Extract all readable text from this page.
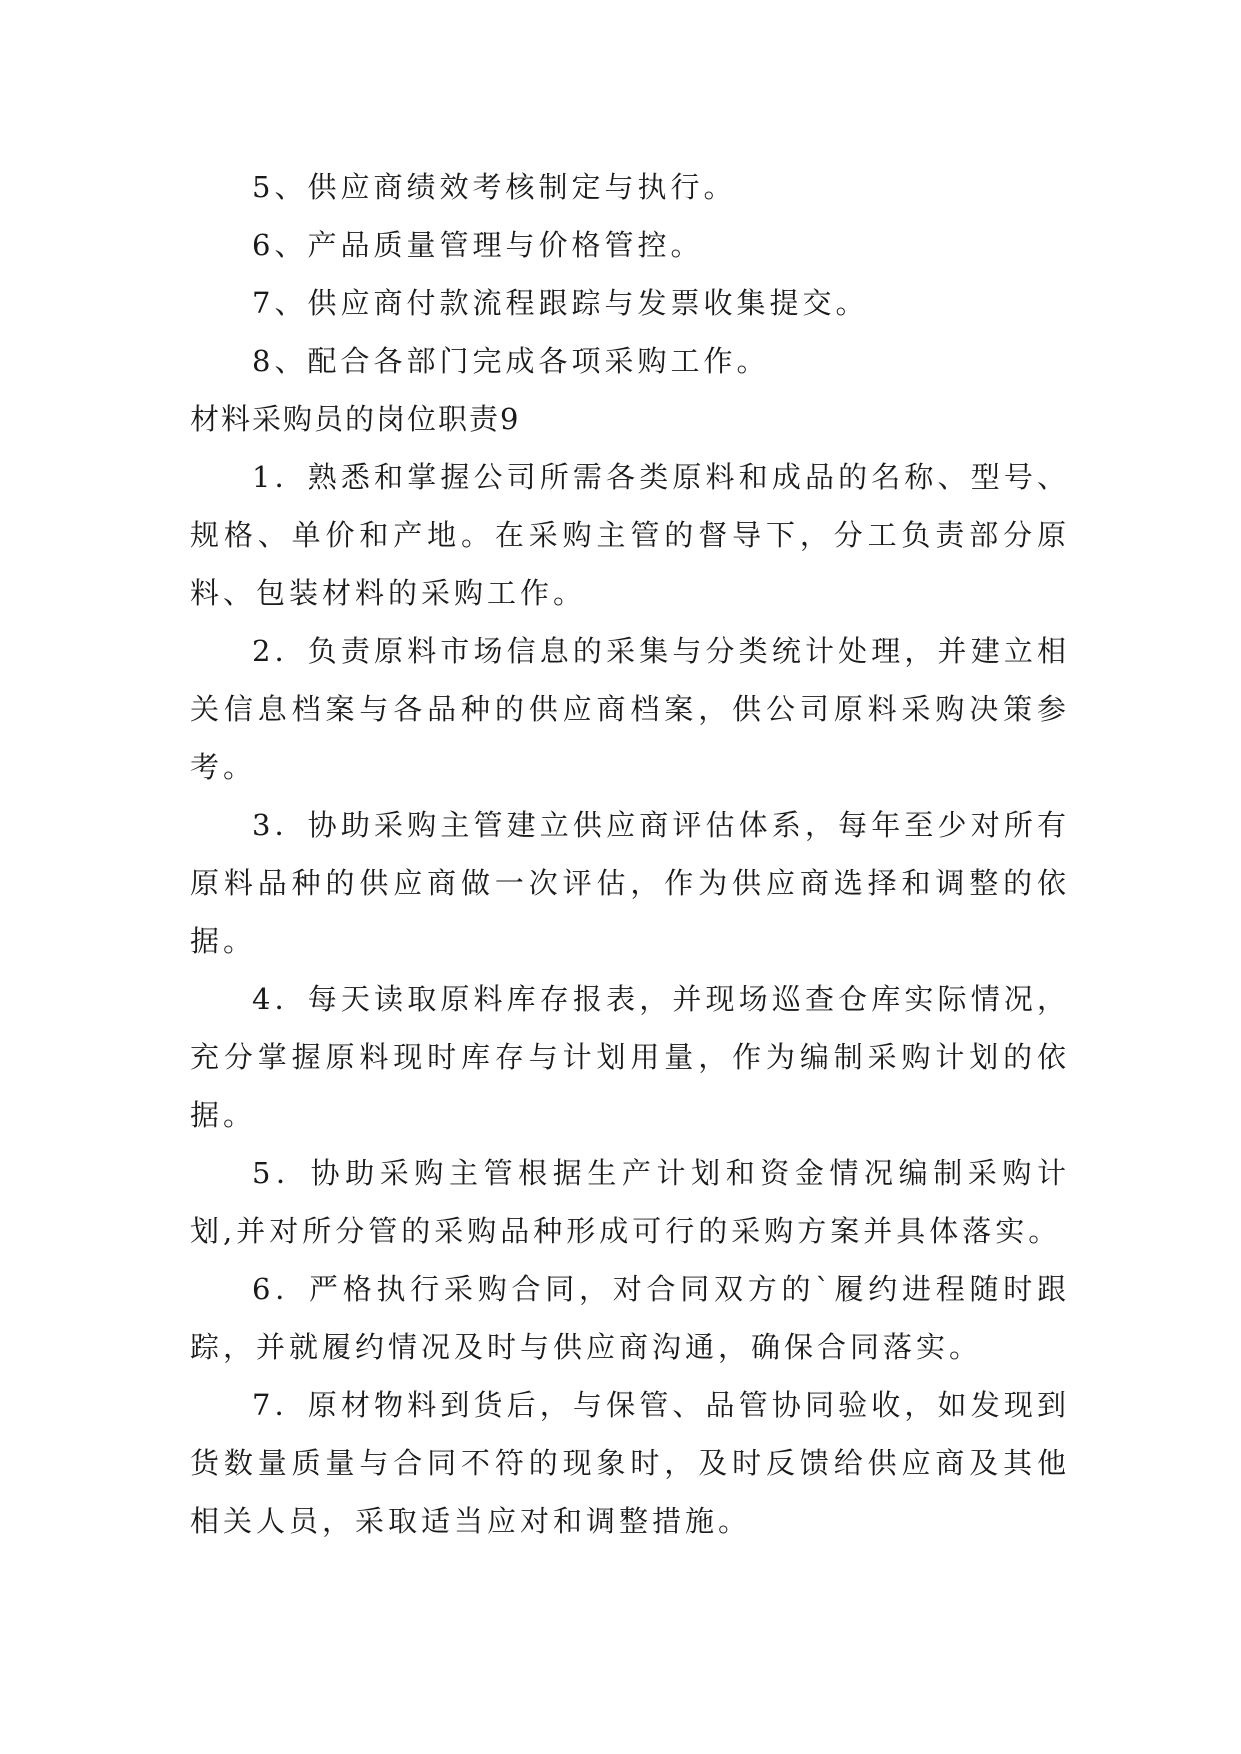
5、供应商绩效考核制定与执行。

6、产品质量管理与价格管控。

7、供应商付款流程跟踪与发票收集提交。

8、配合各部门完成各项采购工作。

材料采购员的岗位职责9

1．熟悉和掌握公司所需各类原料和成品的名称、型号、规格、单价和产地。在采购主管的督导下，分工负责部分原料、包装材料的采购工作。

2．负责原料市场信息的采集与分类统计处理，并建立相关信息档案与各品种的供应商档案，供公司原料采购决策参考。

3．协助采购主管建立供应商评估体系，每年至少对所有原料品种的供应商做一次评估，作为供应商选择和调整的依据。

4．每天读取原料库存报表，并现场巡查仓库实际情况，充分掌握原料现时库存与计划用量，作为编制采购计划的依据。

5．协助采购主管根据生产计划和资金情况编制采购计划,并对所分管的采购品种形成可行的采购方案并具体落实。

6．严格执行采购合同，对合同双方的`履约进程随时跟踪，并就履约情况及时与供应商沟通，确保合同落实。

7．原材物料到货后，与保管、品管协同验收，如发现到货数量质量与合同不符的现象时，及时反馈给供应商及其他相关人员，采取适当应对和调整措施。
